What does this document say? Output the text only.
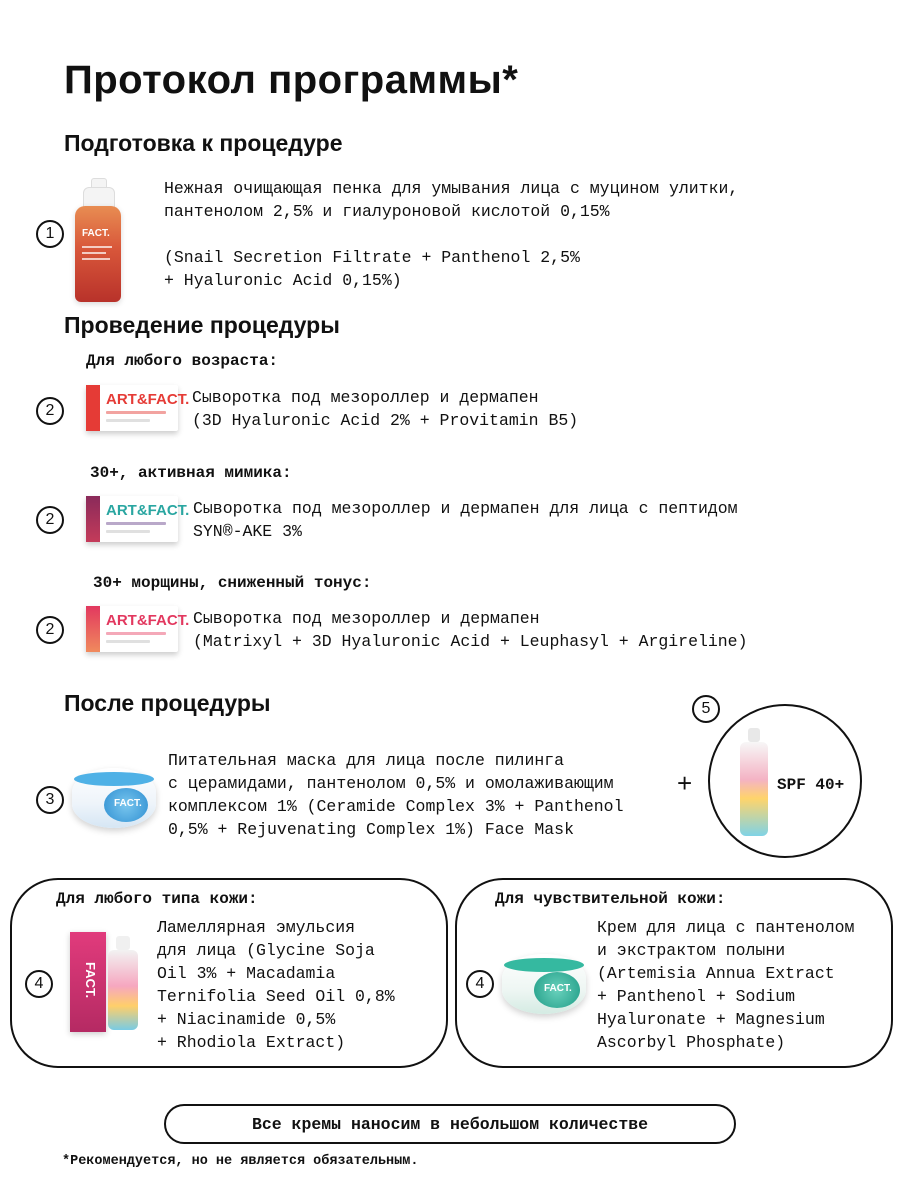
Протокол программы*
Подготовка к процедуре
1	FACT.
Нежная очищающая пенка для умывания лица с муцином улитки,
пантенолом 2,5% и гиалуроновой кислотой 0,15%

(Snail Secretion Filtrate + Panthenol 2,5%
+ Hyaluronic Acid 0,15%)
Проведение процедуры
Для любого возраста:
2
ART&FACT. Сыворотка под мезороллер и дермапен
(3D Hyaluronic Acid 2% + Provitamin B5)
30+, активная мимика:
2
ART&FACT. Сыворотка под мезороллер и дермапен для лица с пептидом
SYN®-AKE 3%
30+ морщины, сниженный тонус:
2
ART&FACT. Сыворотка под мезороллер и дермапен
(Matrixyl + 3D Hyaluronic Acid + Leuphasyl + Argireline)
После процедуры
3	FACT.
Питательная маска для лица после пилинга
с церамидами, пантенолом 0,5% и омолаживающим
комплексом 1% (Ceramide Complex 3% + Panthenol
0,5% + Rejuvenating Complex 1%) Face Mask
+
5
SPF 40+
Для любого типа кожи:
4	FACT.
Ламеллярная эмульсия
для лица (Glycine Soja
Oil 3% + Macadamia
Ternifolia Seed Oil 0,8%
+ Niacinamide 0,5%
+ Rhodiola Extract)
Для чувствительной кожи:
4	FACT.
Крем для лица с пантенолом
и экстрактом полыни
(Artemisia Annua Extract
+ Panthenol + Sodium
Hyaluronate + Magnesium
Ascorbyl Phosphate)
Все кремы наносим в небольшом количестве
*Рекомендуется, но не является обязательным.
